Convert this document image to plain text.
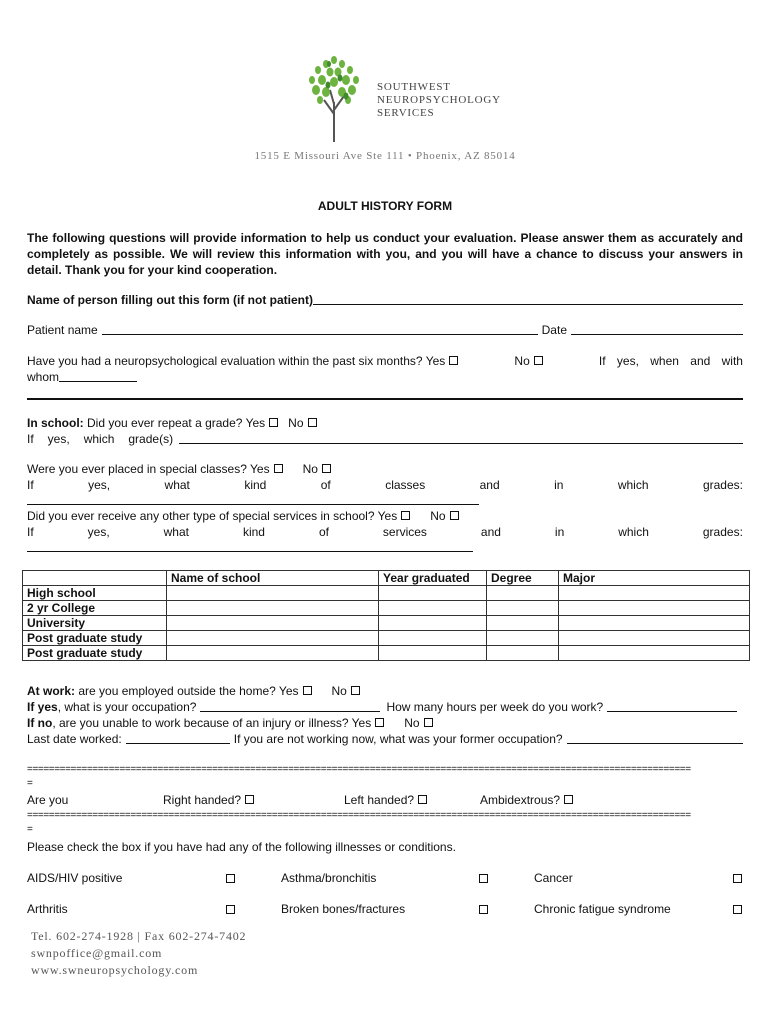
SOUTHWEST
NEUROPSYCHOLOGY
SERVICES
1515 E Missouri Ave Ste 111 • Phoenix, AZ 85014
ADULT HISTORY FORM
The following questions will provide information to help us conduct your evaluation. Please answer them as accurately and completely as possible. We will review this information with you, and you will have a chance to discuss your answers in detail. Thank you for your kind cooperation.
Name of person filling out this form (if not patient)
Patient name	Date
Have you had a neuropsychological evaluation within the past six months? Yes	No	If yes, when and with
whom
In school: Did you ever repeat a grade? Yes No
If yes, which grade(s)
Were you ever placed in special classes? Yes	No
If	yes,	what	kind	of	classes	and	in	which	grades:
Did you ever receive any other type of special services in school? Yes	No
If	yes,	what	kind	of	services	and	in	which	grades:
	Name of school	Year graduated	Degree	Major
High school				
2 yr College				
University				
Post graduate study				
Post graduate study				
At work: are you employed outside the home? Yes	No
If yes , what is your occupation?	How many hours per week do you work?
If no, are you unable to work because of an injury or illness? Yes	No
Last date worked:	If you are not working now, what was your former occupation?
==========================================================================================================================
=
Are you	Right handed?	Left handed?	Ambidextrous?
==========================================================================================================================
=
Please check the box if you have had any of the following illnesses or conditions.
AIDS/HIV positive	Asthma/bronchitis	Cancer
Arthritis	Broken bones/fractures	Chronic fatigue syndrome
Tel. 602-274-1928 | Fax 602-274-7402
swnpoffice@gmail.com
www.swneuropsychology.com
